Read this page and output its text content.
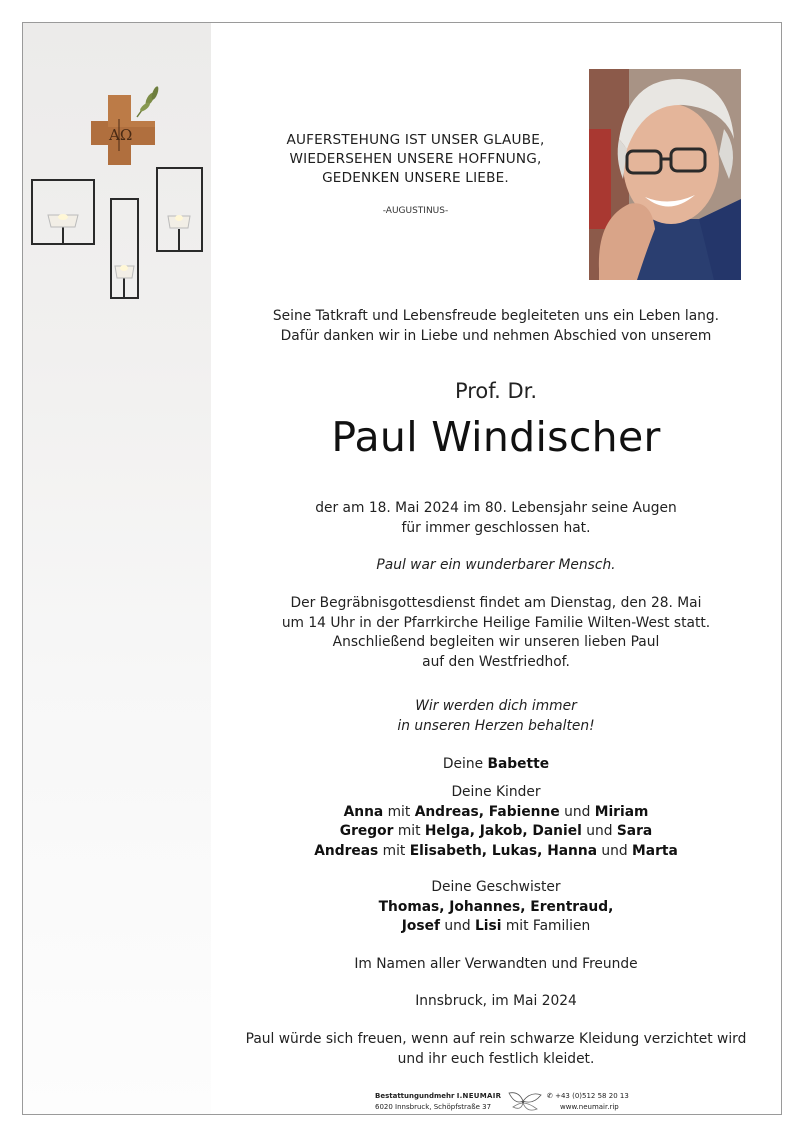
ΑΩ	AUFERSTEHUNG IST UNSER GLAUBE,
WIEDERSEHEN UNSERE HOFFNUNG,
GEDENKEN UNSERE LIEBE.
-AUGUSTINUS-
Seine Tatkraft und Lebensfreude begleiteten uns ein Leben lang.
Dafür danken wir in Liebe und nehmen Abschied von unserem
Prof. Dr.
Paul Windischer
der am 18. Mai 2024 im 80. Lebensjahr seine Augen
für immer geschlossen hat.
Paul war ein wunderbarer Mensch.
Der Begräbnisgottesdienst findet am Dienstag, den 28. Mai
um 14 Uhr in der Pfarrkirche Heilige Familie Wilten-West statt.
Anschließend begleiten wir unseren lieben Paul
auf den Westfriedhof.
Wir werden dich immer
in unseren Herzen behalten!
Deine Babette
Deine Kinder
Anna mit Andreas, Fabienne und Miriam
Gregor mit Helga, Jakob, Daniel und Sara
Andreas mit Elisabeth, Lukas, Hanna und Marta
Deine Geschwister
Thomas, Johannes, Erentraud,
Josef und Lisi mit Familien
Im Namen aller Verwandten und Freunde
Innsbruck, im Mai 2024
Paul würde sich freuen, wenn auf rein schwarze Kleidung verzichtet wird
und ihr euch festlich kleidet.
Bestattungundmehr I.NEUMAIR
6020 Innsbruck, Schöpfstraße 37
✆ +43 (0)512 58 20 13
www.neumair.rip
